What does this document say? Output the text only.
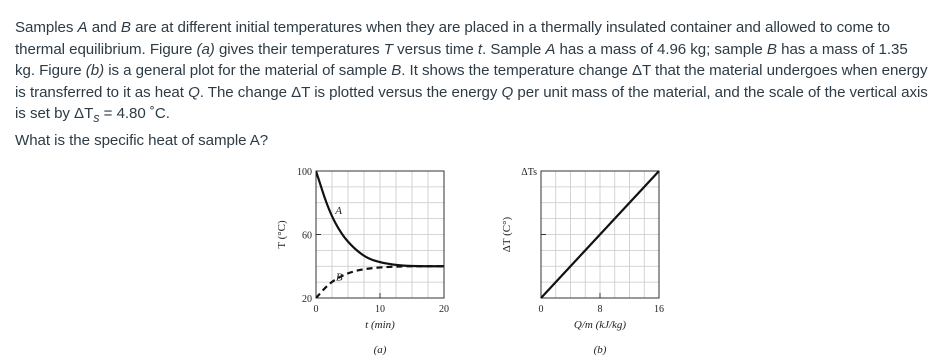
Samples A and B are at different initial temperatures when they are placed in a thermally insulated container and allowed to come to thermal equilibrium. Figure (a) gives their temperatures T versus time t. Sample A has a mass of 4.96 kg; sample B has a mass of 1.35 kg. Figure (b) is a general plot for the material of sample B. It shows the temperature change ΔT that the material undergoes when energy is transferred to it as heat Q. The change ΔT is plotted versus the energy Q per unit mass of the material, and the scale of the vertical axis is set by $\Delta T_s = 4.80$ ˚C.

What is the specific heat of sample A?

20
60
100
0	10	20
A
B
t (min)
T (°C)
(a)
ΔTs
0	8	16
Q/m (kJ/kg)
ΔT (C°)
(b)
